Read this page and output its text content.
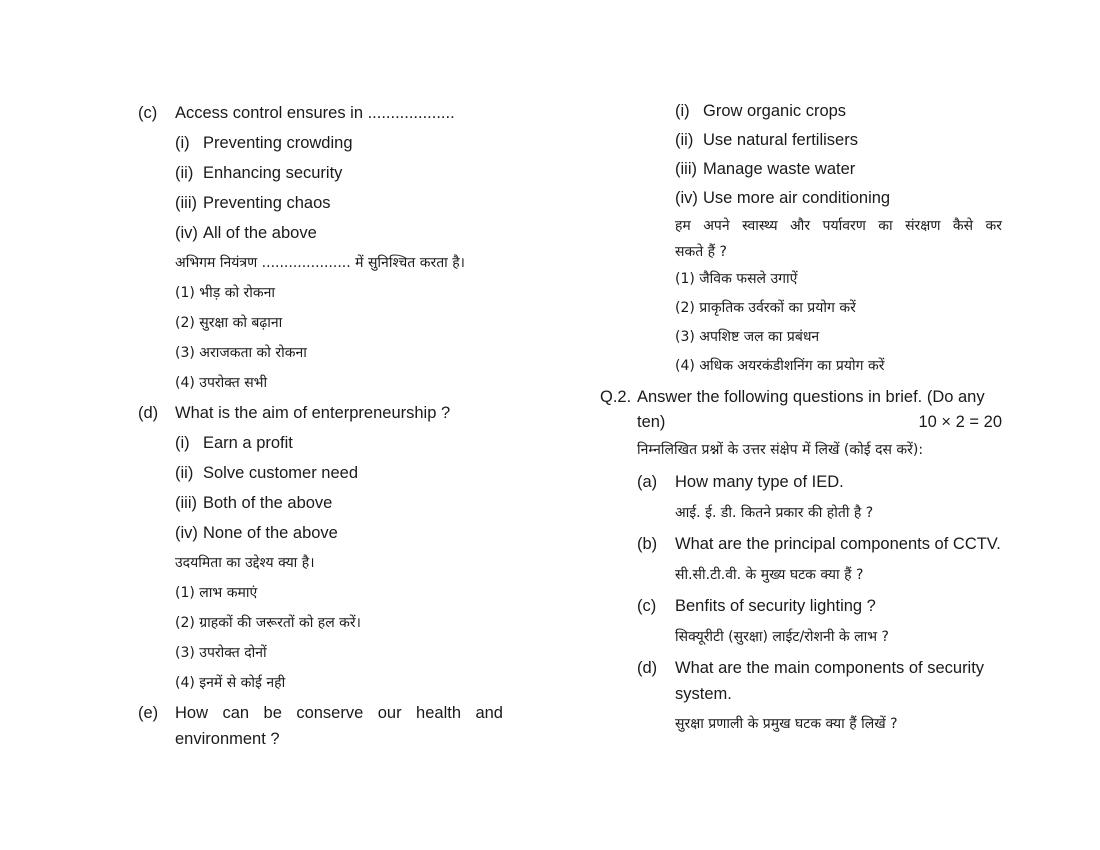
(c)	Access control ensures in ...................
(i) Preventing crowding
(ii) Enhancing security
(iii) Preventing chaos
(iv) All of the above
अभिगम नियंत्रण .................... में सुनिश्चित करता है।
(1) भीड़ को रोकना
(2) सुरक्षा को बढ़ाना
(3) अराजकता को रोकना
(4) उपरोक्त सभी
(d)	What is the aim of enterpreneurship ?
(i) Earn a profit
(ii) Solve customer need
(iii) Both of the above
(iv) None of the above
उदयमिता का उद्देश्य क्या है।
(1) लाभ कमाएं
(2) ग्राहकों की जरूरतों को हल करें।
(3) उपरोक्त दोनों
(4) इनमें से कोई नही
(e)	How can be conserve our health and
environment ?
(i) Grow organic crops
(ii) Use natural fertilisers
(iii) Manage waste water
(iv) Use more air conditioning
हम अपने स्वास्थ्य और पर्यावरण का संरक्षण कैसे कर
सकते हैं ?
(1) जैविक फसले उगाऐं
(2) प्राकृतिक उर्वरकों का प्रयोग करें
(3) अपशिष्ट जल का प्रबंधन
(4) अधिक अयरकंडीशनिंग का प्रयोग करें
Q.2. Answer the following questions in brief. (Do any
ten)	10 × 2 = 20
निम्नलिखित प्रश्नों के उत्तर संक्षेप में लिखें (कोई दस करें):
(a) How many type of IED.
आई. ई. डी. कितने प्रकार की होती है ?
(b) What are the principal components of CCTV.
सी.सी.टी.वी. के मुख्य घटक क्या हैं ?
(c) Benfits of security lighting ?
सिक्यूरीटी (सुरक्षा) लाईट/रोशनी के लाभ ?
(d) What are the main components of security
system.
सुरक्षा प्रणाली के प्रमुख घटक क्या हैं लिखें ?
